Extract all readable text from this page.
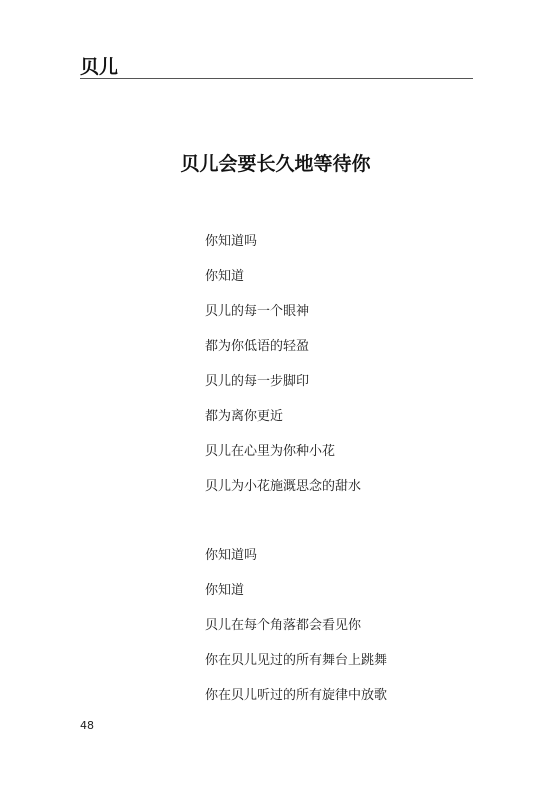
贝儿
贝儿会要长久地等待你
你知道吗
你知道
贝儿的每一个眼神
都为你低语的轻盈
贝儿的每一步脚印
都为离你更近
贝儿在心里为你种小花
贝儿为小花施溉思念的甜水
你知道吗
你知道
贝儿在每个角落都会看见你
你在贝儿见过的所有舞台上跳舞
你在贝儿听过的所有旋律中放歌
48
